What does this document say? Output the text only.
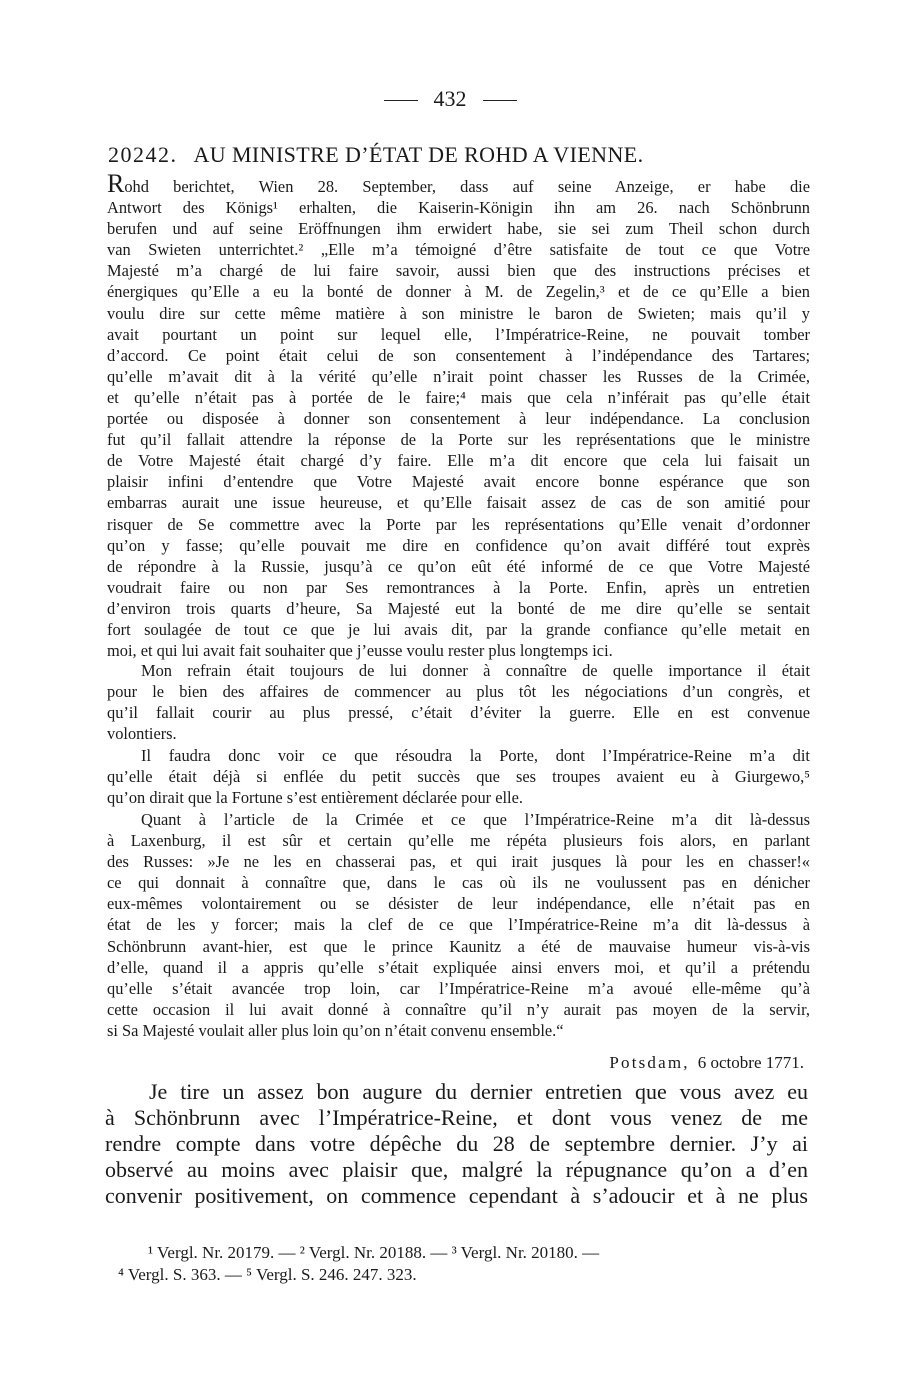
432
20242. AU MINISTRE D’ÉTAT DE ROHD A VIENNE.

Rohd berichtet, Wien 28. September, dass auf seine Anzeige, er habe die
Antwort des Königs¹ erhalten, die Kaiserin-Königin ihn am 26. nach Schönbrunn
berufen und auf seine Eröffnungen ihm erwidert habe, sie sei zum Theil schon durch
van Swieten unterrichtet.² „Elle m’a témoigné d’être satisfaite de tout ce que Votre
Majesté m’a chargé de lui faire savoir, aussi bien que des instructions précises et
énergiques qu’Elle a eu la bonté de donner à M. de Zegelin,³ et de ce qu’Elle a bien
voulu dire sur cette même matière à son ministre le baron de Swieten; mais qu’il y
avait pourtant un point sur lequel elle, l’Impératrice-Reine, ne pouvait tomber
d’accord. Ce point était celui de son consentement à l’indépendance des Tartares;
qu’elle m’avait dit à la vérité qu’elle n’irait point chasser les Russes de la Crimée,
et qu’elle n’était pas à portée de le faire;⁴ mais que cela n’inférait pas qu’elle était
portée ou disposée à donner son consentement à leur indépendance. La conclusion
fut qu’il fallait attendre la réponse de la Porte sur les représentations que le ministre
de Votre Majesté était chargé d’y faire. Elle m’a dit encore que cela lui faisait un
plaisir infini d’entendre que Votre Majesté avait encore bonne espérance que son
embarras aurait une issue heureuse, et qu’Elle faisait assez de cas de son amitié pour
risquer de Se commettre avec la Porte par les représentations qu’Elle venait d’ordonner
qu’on y fasse; qu’elle pouvait me dire en confidence qu’on avait différé tout exprès
de répondre à la Russie, jusqu’à ce qu’on eût été informé de ce que Votre Majesté
voudrait faire ou non par Ses remontrances à la Porte. Enfin, après un entretien
d’environ trois quarts d’heure, Sa Majesté eut la bonté de me dire qu’elle se sentait
fort soulagée de tout ce que je lui avais dit, par la grande confiance qu’elle metait en
moi, et qui lui avait fait souhaiter que j’eusse voulu rester plus longtemps ici.

Mon refrain était toujours de lui donner à connaître de quelle importance il était
pour le bien des affaires de commencer au plus tôt les négociations d’un congrès, et
qu’il fallait courir au plus pressé, c’était d’éviter la guerre. Elle en est convenue
volontiers.

Il faudra donc voir ce que résoudra la Porte, dont l’Impératrice-Reine m’a dit
qu’elle était déjà si enflée du petit succès que ses troupes avaient eu à Giurgewo,⁵
qu’on dirait que la Fortune s’est entièrement déclarée pour elle.

Quant à l’article de la Crimée et ce que l’Impératrice-Reine m’a dit là-dessus
à Laxenburg, il est sûr et certain qu’elle me répéta plusieurs fois alors, en parlant
des Russes: »Je ne les en chasserai pas, et qui irait jusques là pour les en chasser!«
ce qui donnait à connaître que, dans le cas où ils ne voulussent pas en dénicher
eux-mêmes volontairement ou se désister de leur indépendance, elle n’était pas en
état de les y forcer; mais la clef de ce que l’Impératrice-Reine m’a dit là-dessus à
Schönbrunn avant-hier, est que le prince Kaunitz a été de mauvaise humeur vis-à-vis
d’elle, quand il a appris qu’elle s’était expliquée ainsi envers moi, et qu’il a prétendu
qu’elle s’était avancée trop loin, car l’Impératrice-Reine m’a avoué elle-même qu’à
cette occasion il lui avait donné à connaître qu’il n’y aurait pas moyen de la servir,
si Sa Majesté voulait aller plus loin qu’on n’était convenu ensemble.“

Potsdam, 6 octobre 1771.
Je tire un assez bon augure du dernier entretien que vous avez eu
à Schönbrunn avec l’Impératrice-Reine, et dont vous venez de me
rendre compte dans votre dépêche du 28 de septembre dernier. J’y ai
observé au moins avec plaisir que, malgré la répugnance qu’on a d’en
convenir positivement, on commence cependant à s’adoucir et à ne plus
¹ Vergl. Nr. 20179. — ² Vergl. Nr. 20188. — ³ Vergl. Nr. 20180. —
⁴ Vergl. S. 363. — ⁵ Vergl. S. 246. 247. 323.
